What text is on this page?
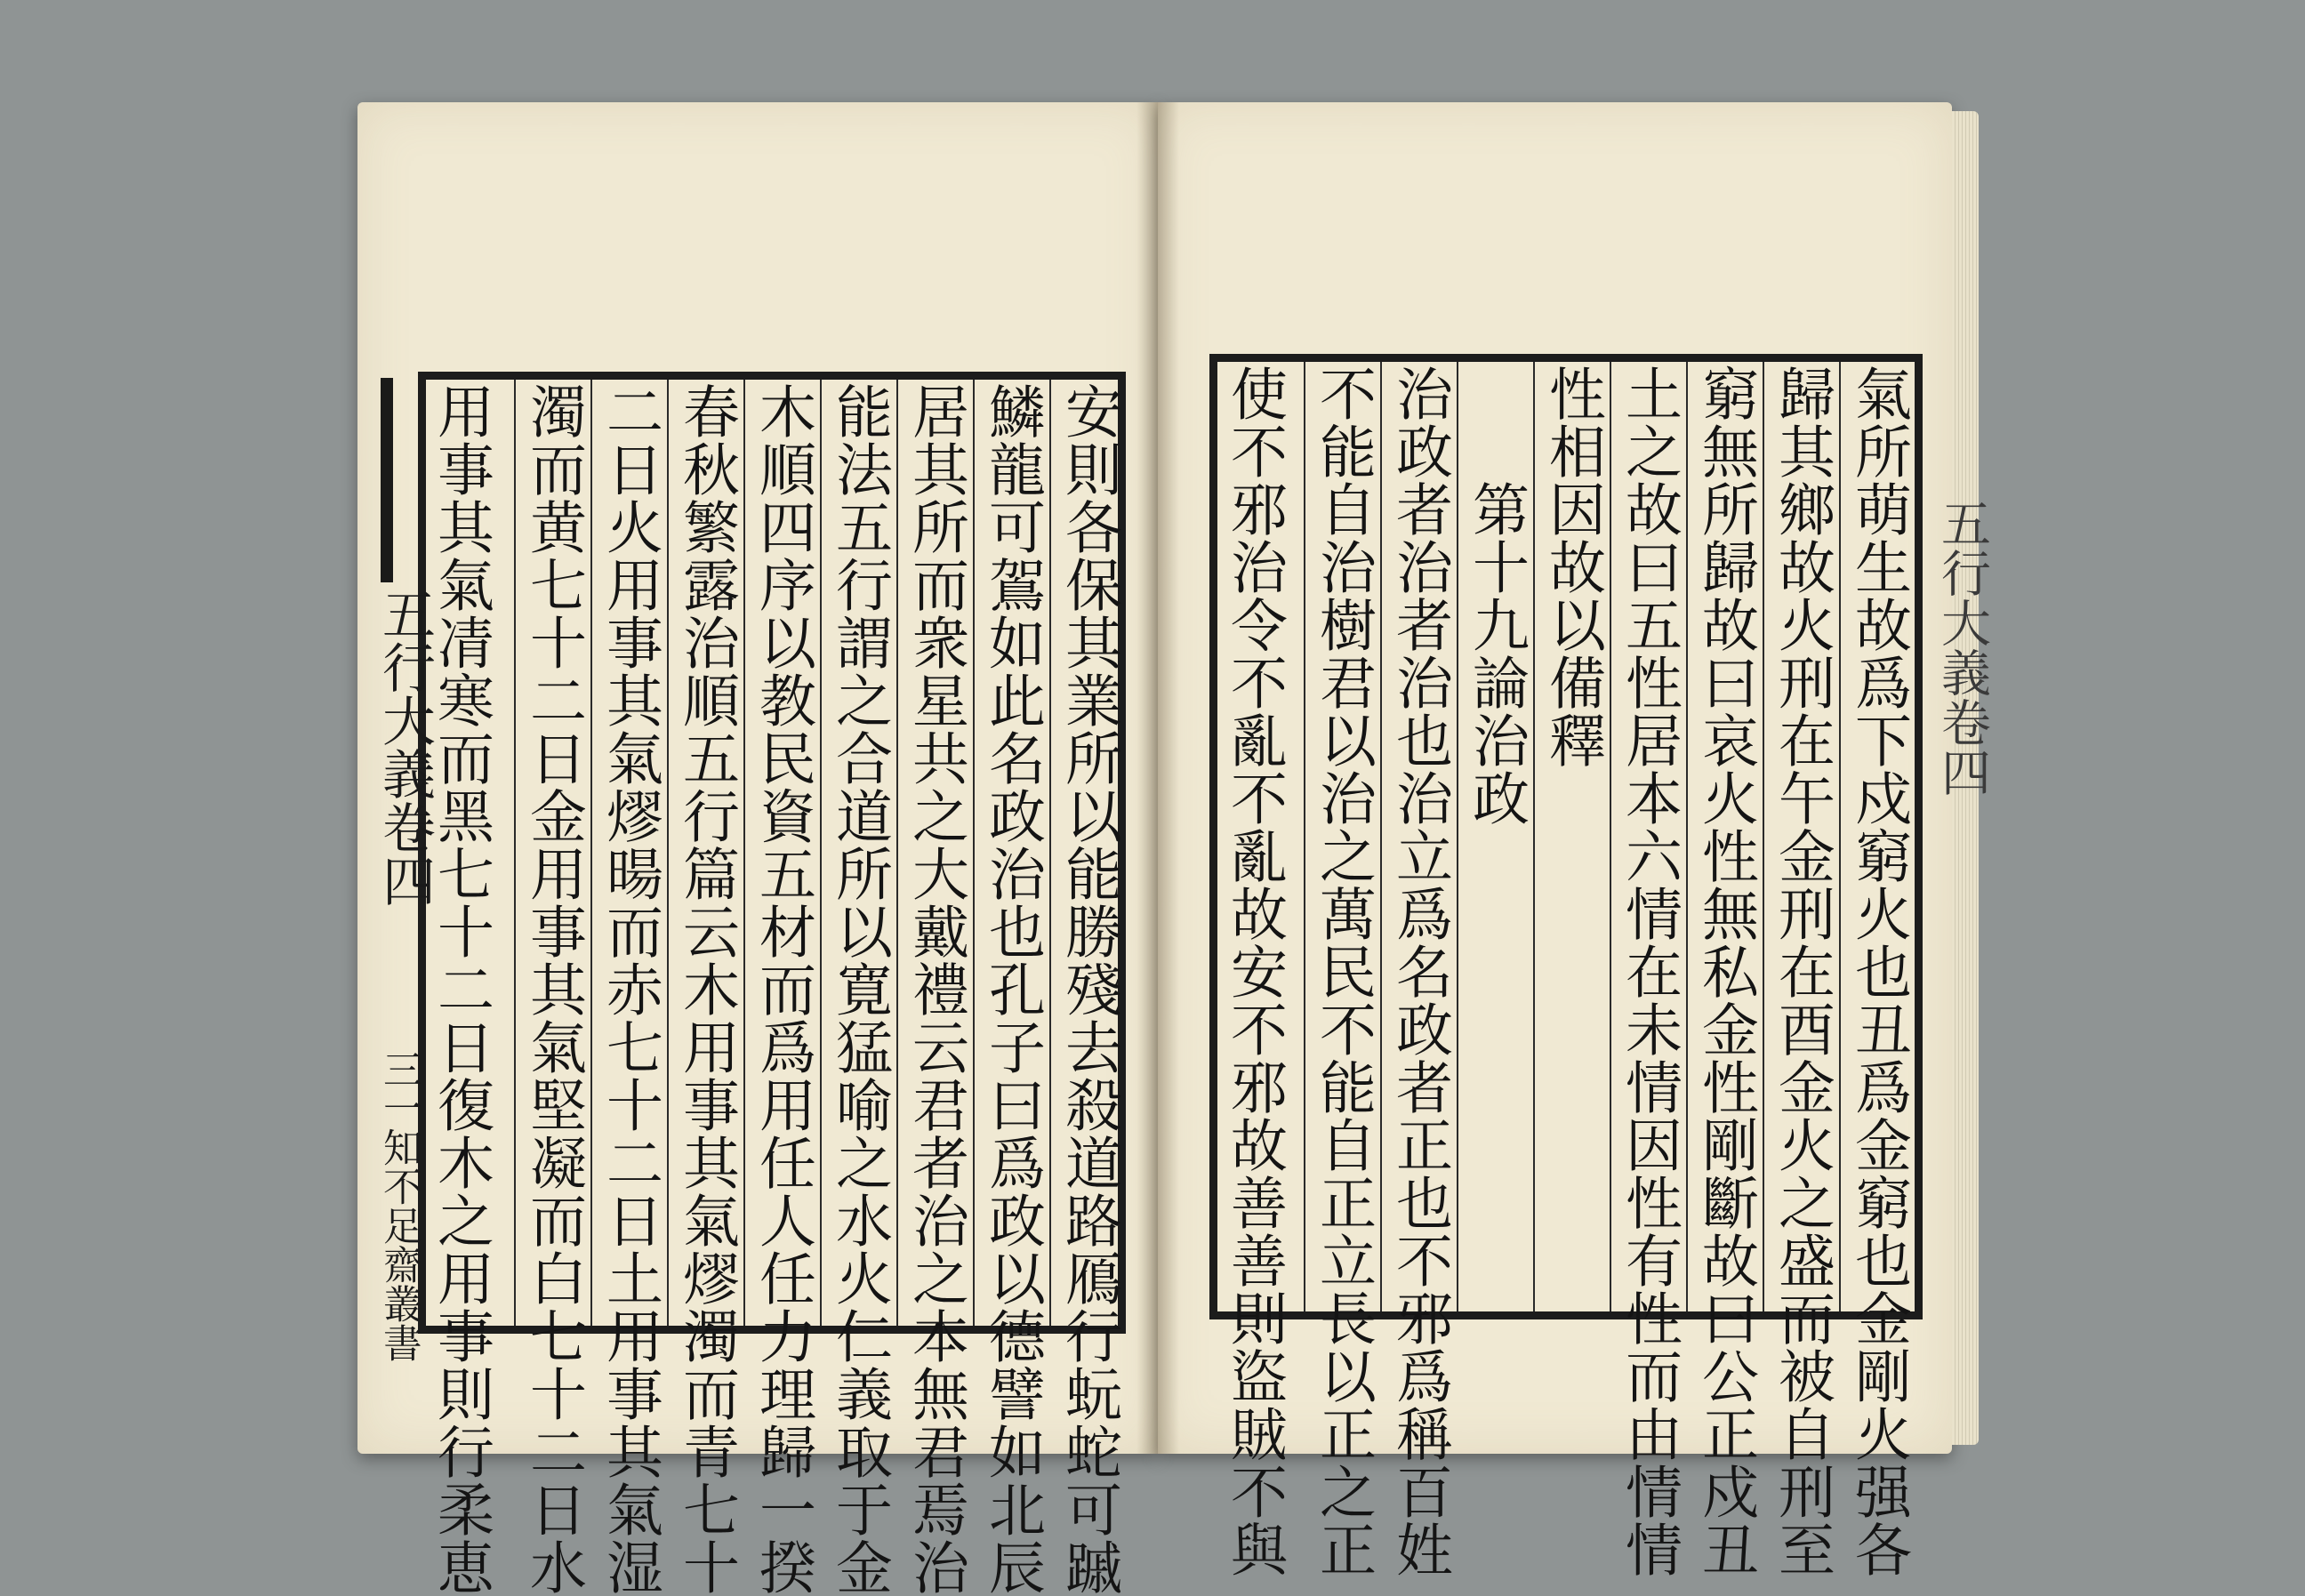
安則各保其業所以能勝殘去殺道路鴈行蚖蛇可䠞
鱗龍可鴐如此名政治也孔子曰爲政以德譬如北辰
居其所而衆星共之大戴禮云君者治之本無君焉治
能法五行謂之合道所以寛猛喻之水火仁義取于金
木順四序以教民資五材而爲用任人任力理歸一揆
春秋繁露治順五行篇云木用事其氣熮濁而青七十
二日火用事其氣熮暘而赤七十二日土用事其氣湿
濁而黄七十二日金用事其氣堅凝而白七十二日水
用事其氣凊寒而黑七十二日復木之用事則行柔恵
五行大義卷四
三一知不足齋叢書	氣所萌生故爲下戍窮火也丑爲金窮也金剛火强各
歸其鄉故火刑在午金刑在酉金火之盛而被自刑至
窮無所歸故曰哀火性無私金性剛斷故曰公正戍丑
土之故曰五性居本六情在未情因性有性而由情情
性相因故以備釋
第十九論治政
治政者治者治也治立爲名政者正也不邪爲稱百姓
不能自治樹君以治之萬民不能自正立長以正之正
使不邪治令不亂不亂故安不邪故善善則盜賊不與	五行大義卷四
